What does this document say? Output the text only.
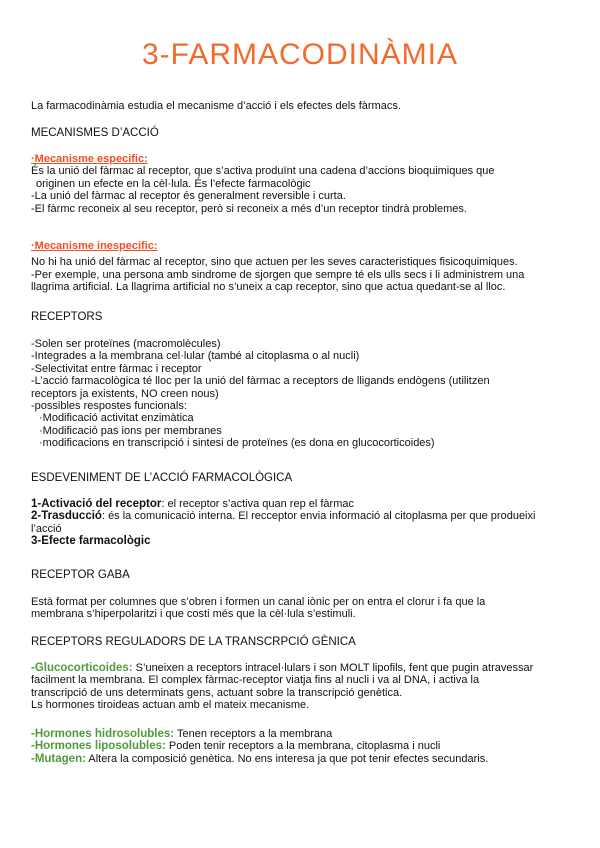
3-FARMACODINÀMIA
La farmacodinàmia estudia el mecanisme d’acció i els efectes dels fàrmacs.
MECANISMES D’ACCIÓ
·Mecanisme especific:
És la unió del fàrmac al receptor, que s’activa produïnt una cadena d’accions bioquimiques que
originen un efecte en la cèl·lula. És l’efecte farmacològic
-La unió del fàrmac al receptor és generalment reversible i curta.
-El fàrmc reconeix al seu receptor, però si reconeix a més d’un receptor tindrà problemes.
·Mecanisme inespecific:
No hi ha unió del fàrmac al receptor, sino que actuen per les seves caracteristiques fisicoquimiques.
-Per exemple, una persona amb sindrome de sjorgen que sempre té els ulls secs i li administrem una
llagrima artificial. La llagrima artificial no s’uneix a cap receptor, sino que actua quedant-se al lloc.
RECEPTORS
-Solen ser proteïnes (macromolècules)
-Integrades a la membrana cel·lular (també al citoplasma o al nucli)
-Selectivitat entre fàrmac i receptor
-L’acció farmacològica té lloc per la unió del fàrmac a receptors de lligands endògens (utilitzen
receptors ja existents, NO creen nous)
-possibles respostes funcionals:
·Modificació activitat enzimàtica
·Modificació pas ions per membranes
·modificacions en transcripció i sintesi de proteïnes (es dona en glucocorticoides)
ESDEVENIMENT DE L’ACCIÓ FARMACOLÒGICA
1-Activació del receptor: el receptor s’activa quan rep el fàrmac
2-Trasducció: és la comunicació interna. El recceptor envia informació al citoplasma per que produeixi
l’acció
3-Efecte farmacològic
RECEPTOR GABA
Està format per columnes que s’obren i formen un canal iònic per on entra el clorur i fa que la
membrana s’hiperpolaritzi i que costi més que la cèl·lula s’estimuli.
RECEPTORS REGULADORS DE LA TRANSCRPCIÓ GÈNICA
-Glucocorticoides: S’uneixen a receptors intracel·lulars i son MOLT lipofils, fent que pugin atravessar
facilment la membrana. El complex fàrmac-receptor viatja fins al nucli i va al DNA, i activa la
transcripció de uns determinats gens, actuant sobre la transcripció genètica.
Ls hormones tiroideas actuan amb el mateix mecanisme.
-Hormones hidrosolubles: Tenen receptors a la membrana
-Hormones liposolubles: Poden tenir receptors a la membrana, citoplasma i nucli
-Mutagen: Altera la composició genètica. No ens interesa ja que pot tenir efectes secundaris.
